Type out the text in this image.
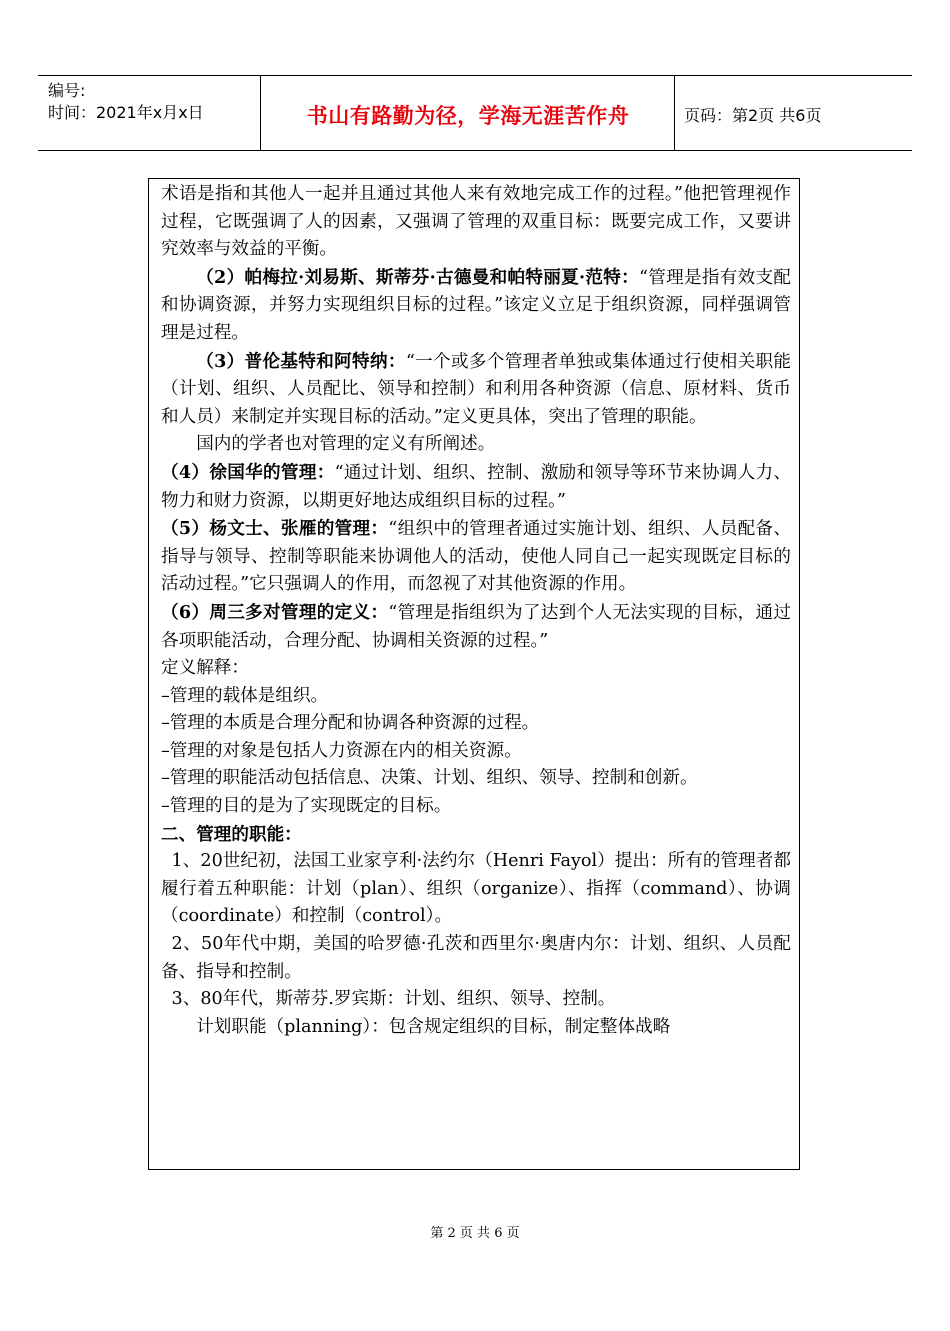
编号:
时间：2021年x月x日	书山有路勤为径，学海无涯苦作舟	页码：第2页 共6页

术语是指和其他人一起并且通过其他人来有效地完成工作的过程。”他把管理视作过程，它既强调了人的因素，又强调了管理的双重目标：既要完成工作，又要讲究效率与效益的平衡。

（2）帕梅拉·刘易斯、斯蒂芬·古德曼和帕特丽夏·范特：“管理是指有效支配和协调资源，并努力实现组织目标的过程。”该定义立足于组织资源，同样强调管理是过程。

（3）普伦基特和阿特纳：“一个或多个管理者单独或集体通过行使相关职能（计划、组织、人员配比、领导和控制）和利用各种资源（信息、原材料、货币和人员）来制定并实现目标的活动。”定义更具体，突出了管理的职能。

国内的学者也对管理的定义有所阐述。

（4）徐国华的管理：“通过计划、组织、控制、激励和领导等环节来协调人力、物力和财力资源，以期更好地达成组织目标的过程。”

（5）杨文士、张雁的管理：“组织中的管理者通过实施计划、组织、人员配备、指导与领导、控制等职能来协调他人的活动，使他人同自己一起实现既定目标的活动过程。”它只强调人的作用，而忽视了对其他资源的作用。

（6）周三多对管理的定义：“管理是指组织为了达到个人无法实现的目标，通过各项职能活动，合理分配、协调相关资源的过程。”

定义解释：

–管理的载体是组织。

–管理的本质是合理分配和协调各种资源的过程。

–管理的对象是包括人力资源在内的相关资源。

–管理的职能活动包括信息、决策、计划、组织、领导、控制和创新。

–管理的目的是为了实现既定的目标。

二、管理的职能：

1、20世纪初，法国工业家亨利·法约尔（Henri Fayol）提出：所有的管理者都履行着五种职能：计划（plan）、组织（organize）、指挥（command）、协调（coordinate）和控制（control）。

2、50年代中期，美国的哈罗德·孔茨和西里尔·奥唐内尔：计划、组织、人员配备、指导和控制。

3、80年代，斯蒂芬.罗宾斯：计划、组织、领导、控制。

计划职能（planning）：包含规定组织的目标，制定整体战略

第 2 页 共 6 页
